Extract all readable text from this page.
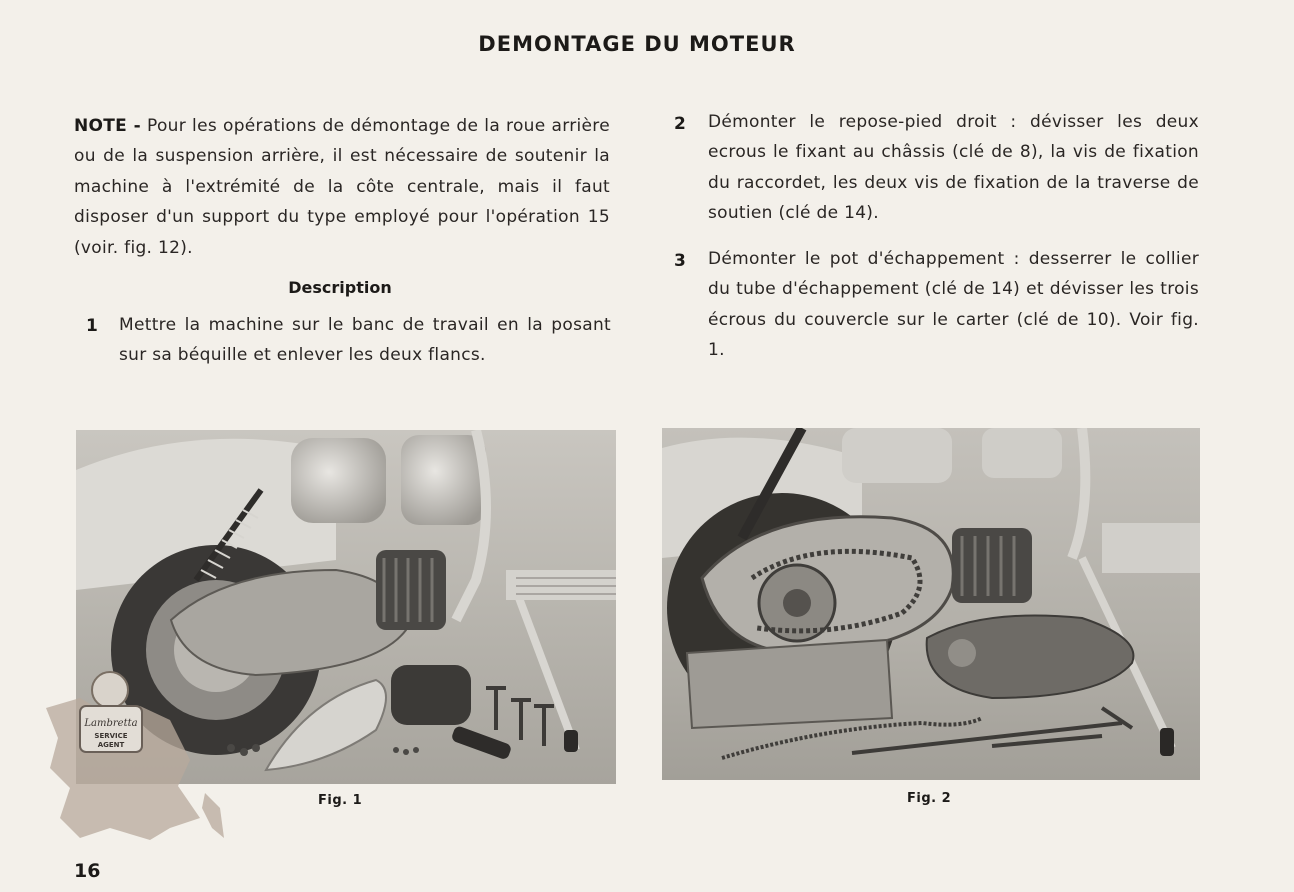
DEMONTAGE DU MOTEUR
NOTE - Pour les opérations de démontage de la roue arrière ou de la suspension arrière, il est nécessaire de soutenir la machine à l'extrémité de la côte centrale, mais il faut disposer d'un support du type employé pour l'opération 15 (voir. fig. 12).
Description
1 Mettre la machine sur le banc de travail en la posant sur sa béquille et enlever les deux flancs.
2 Démonter le repose-pied droit : dévisser les deux ecrous le fixant au châssis (clé de 8), la vis de fixation du raccordet, les deux vis de fixation de la traverse de soutien (clé de 14).
3 Démonter le pot d'échappement : desserrer le collier du tube d'échappement (clé de 14) et dévisser les trois écrous du couvercle sur le carter (clé de 10). Voir fig. 1.
Fig. 1	Fig. 2
Lambretta
SERVICE
AGENT
16
